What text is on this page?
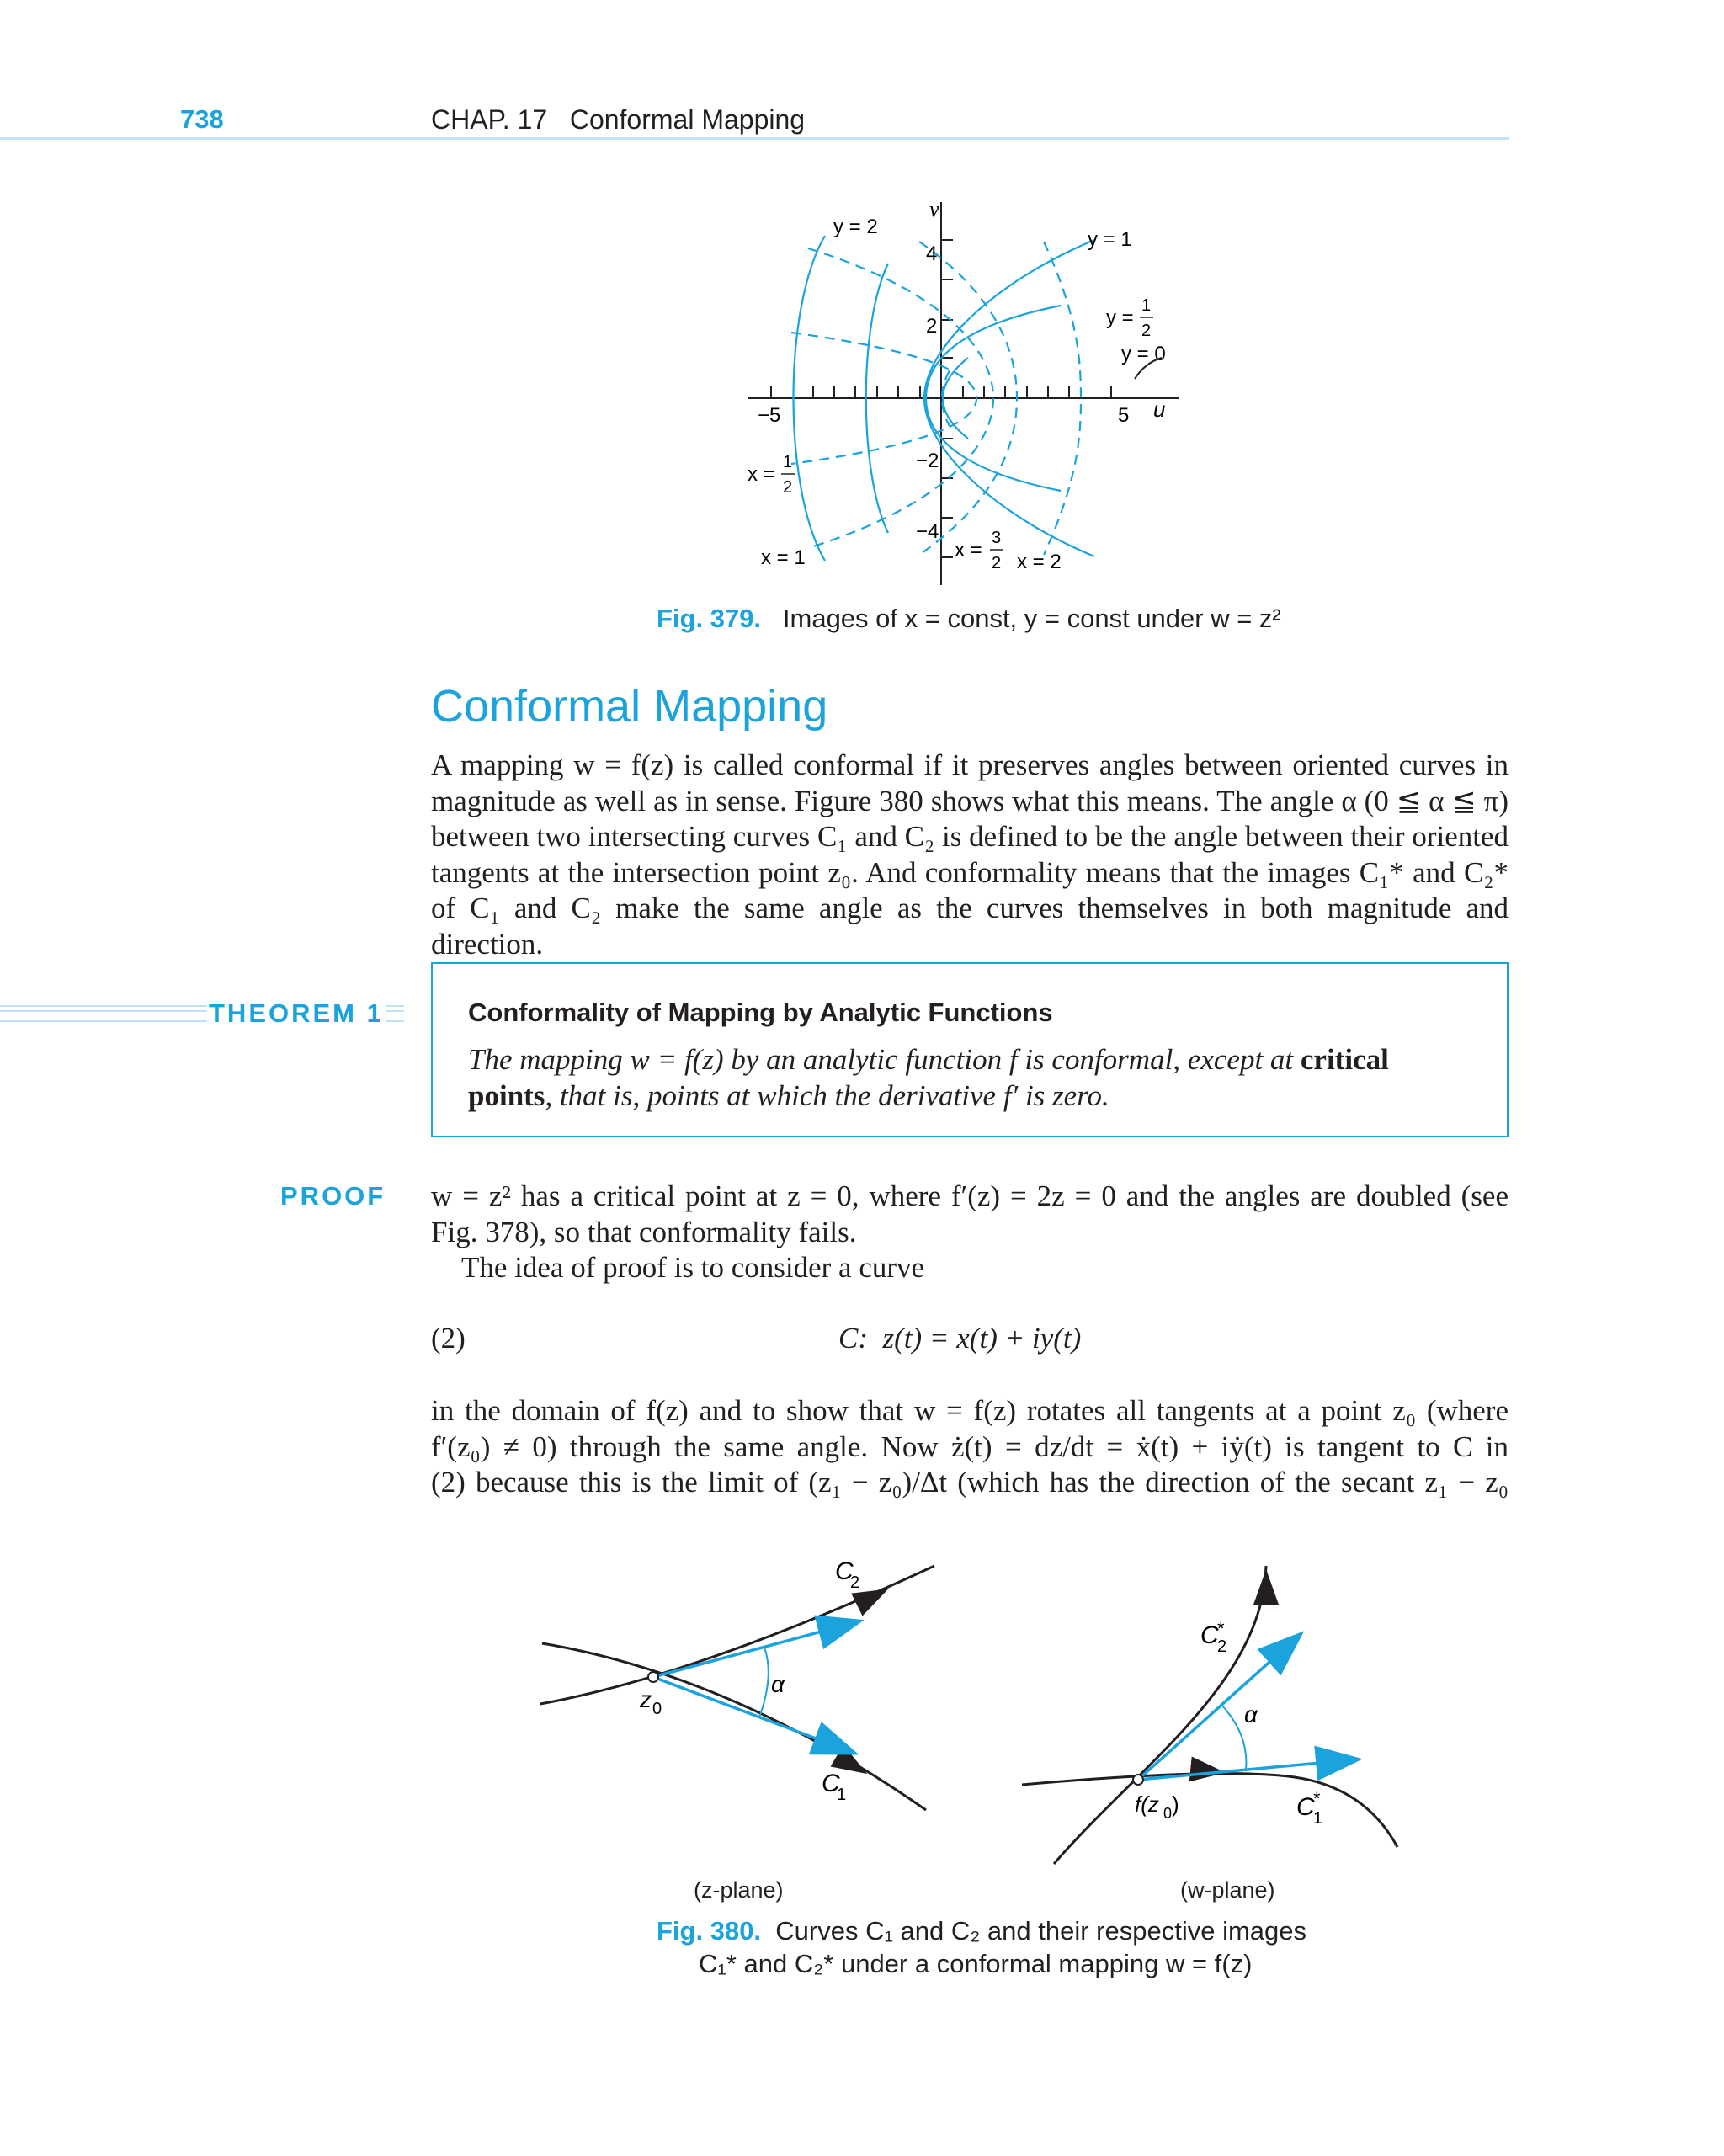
738	CHAP. 17   Conformal Mapping
v
u
4
2
−2
−4
−5	5
y = 2
y = 1
y =
1
2
y = 0
x =
1
2
x = 1	x =
3
2 x = 2
Fig. 379. Images of x = const, y = const under w = z²
Conformal Mapping
A mapping w = f(z) is called conformal if it preserves angles between oriented curves in
magnitude as well as in sense. Figure 380 shows what this means. The angle α (0 ≦ α ≦ π)
between two intersecting curves C₁ and C₂ is defined to be the angle between their oriented
tangents at the intersection point z₀. And conformality means that the images C₁* and C₂*
of C₁ and C₂ make the same angle as the curves themselves in both magnitude and direction.
THEOREM 1	Conformality of Mapping by Analytic Functions
The mapping w = f(z) by an analytic function f is conformal, except at critical
points, that is, points at which the derivative f′ is zero.
PROOF w = z² has a critical point at z = 0, where f′(z) = 2z = 0 and the angles are doubled (see
Fig. 378), so that conformality fails.
The idea of proof is to consider a curve
(2)	C:  z(t) = x(t) + iy(t)
in the domain of f(z) and to show that w = f(z) rotates all tangents at a point z₀ (where
f′(z₀) ≠ 0) through the same angle. Now ż(t) = dz/dt = ẋ(t) + iẏ(t) is tangent to C in
(2) because this is the limit of (z₁ − z₀)/Δt (which has the direction of the secant z₁ − z₀
C
2
C
1
z 0
α
C
*
2
C
*
1
f(z 0 )
α
(z-plane)	(w-plane)
Fig. 380. Curves C₁ and C₂ and their respective images
C₁* and C₂* under a conformal mapping w = f(z)
